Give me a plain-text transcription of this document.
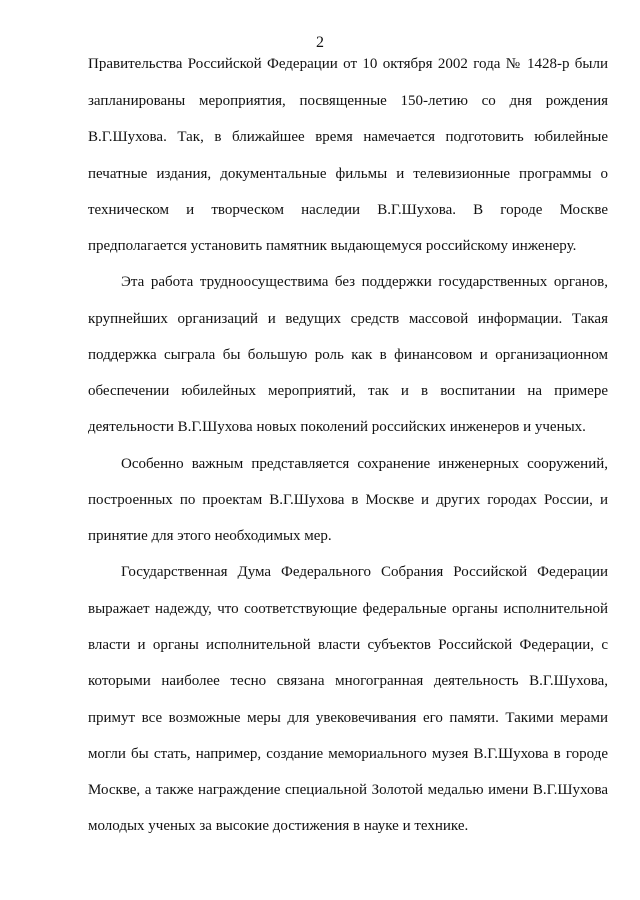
2
Правительства Российской Федерации от 10 октября 2002 года № 1428-р были
запланированы мероприятия, посвященные 150-летию со дня рождения
В.Г.Шухова. Так, в ближайшее время намечается подготовить юбилейные
печатные издания, документальные фильмы и телевизионные программы о
техническом и творческом наследии В.Г.Шухова. В городе Москве
предполагается установить памятник выдающемуся российскому инженеру.
Эта работа трудноосуществима без поддержки государственных органов,
крупнейших организаций и ведущих средств массовой информации. Такая
поддержка сыграла бы большую роль как в финансовом и организационном
обеспечении юбилейных мероприятий, так и в воспитании на примере
деятельности В.Г.Шухова новых поколений российских инженеров и ученых.
Особенно важным представляется сохранение инженерных сооружений,
построенных по проектам В.Г.Шухова в Москве и других городах России, и
принятие для этого необходимых мер.
Государственная Дума Федерального Собрания Российской Федерации
выражает надежду, что соответствующие федеральные органы исполнительной
власти и органы исполнительной власти субъектов Российской Федерации, с
которыми наиболее тесно связана многогранная деятельность В.Г.Шухова,
примут все возможные меры для увековечивания его памяти. Такими мерами
могли бы стать, например, создание мемориального музея В.Г.Шухова в городе
Москве, а также награждение специальной Золотой медалью имени В.Г.Шухова
молодых ученых за высокие достижения в науке и технике.
